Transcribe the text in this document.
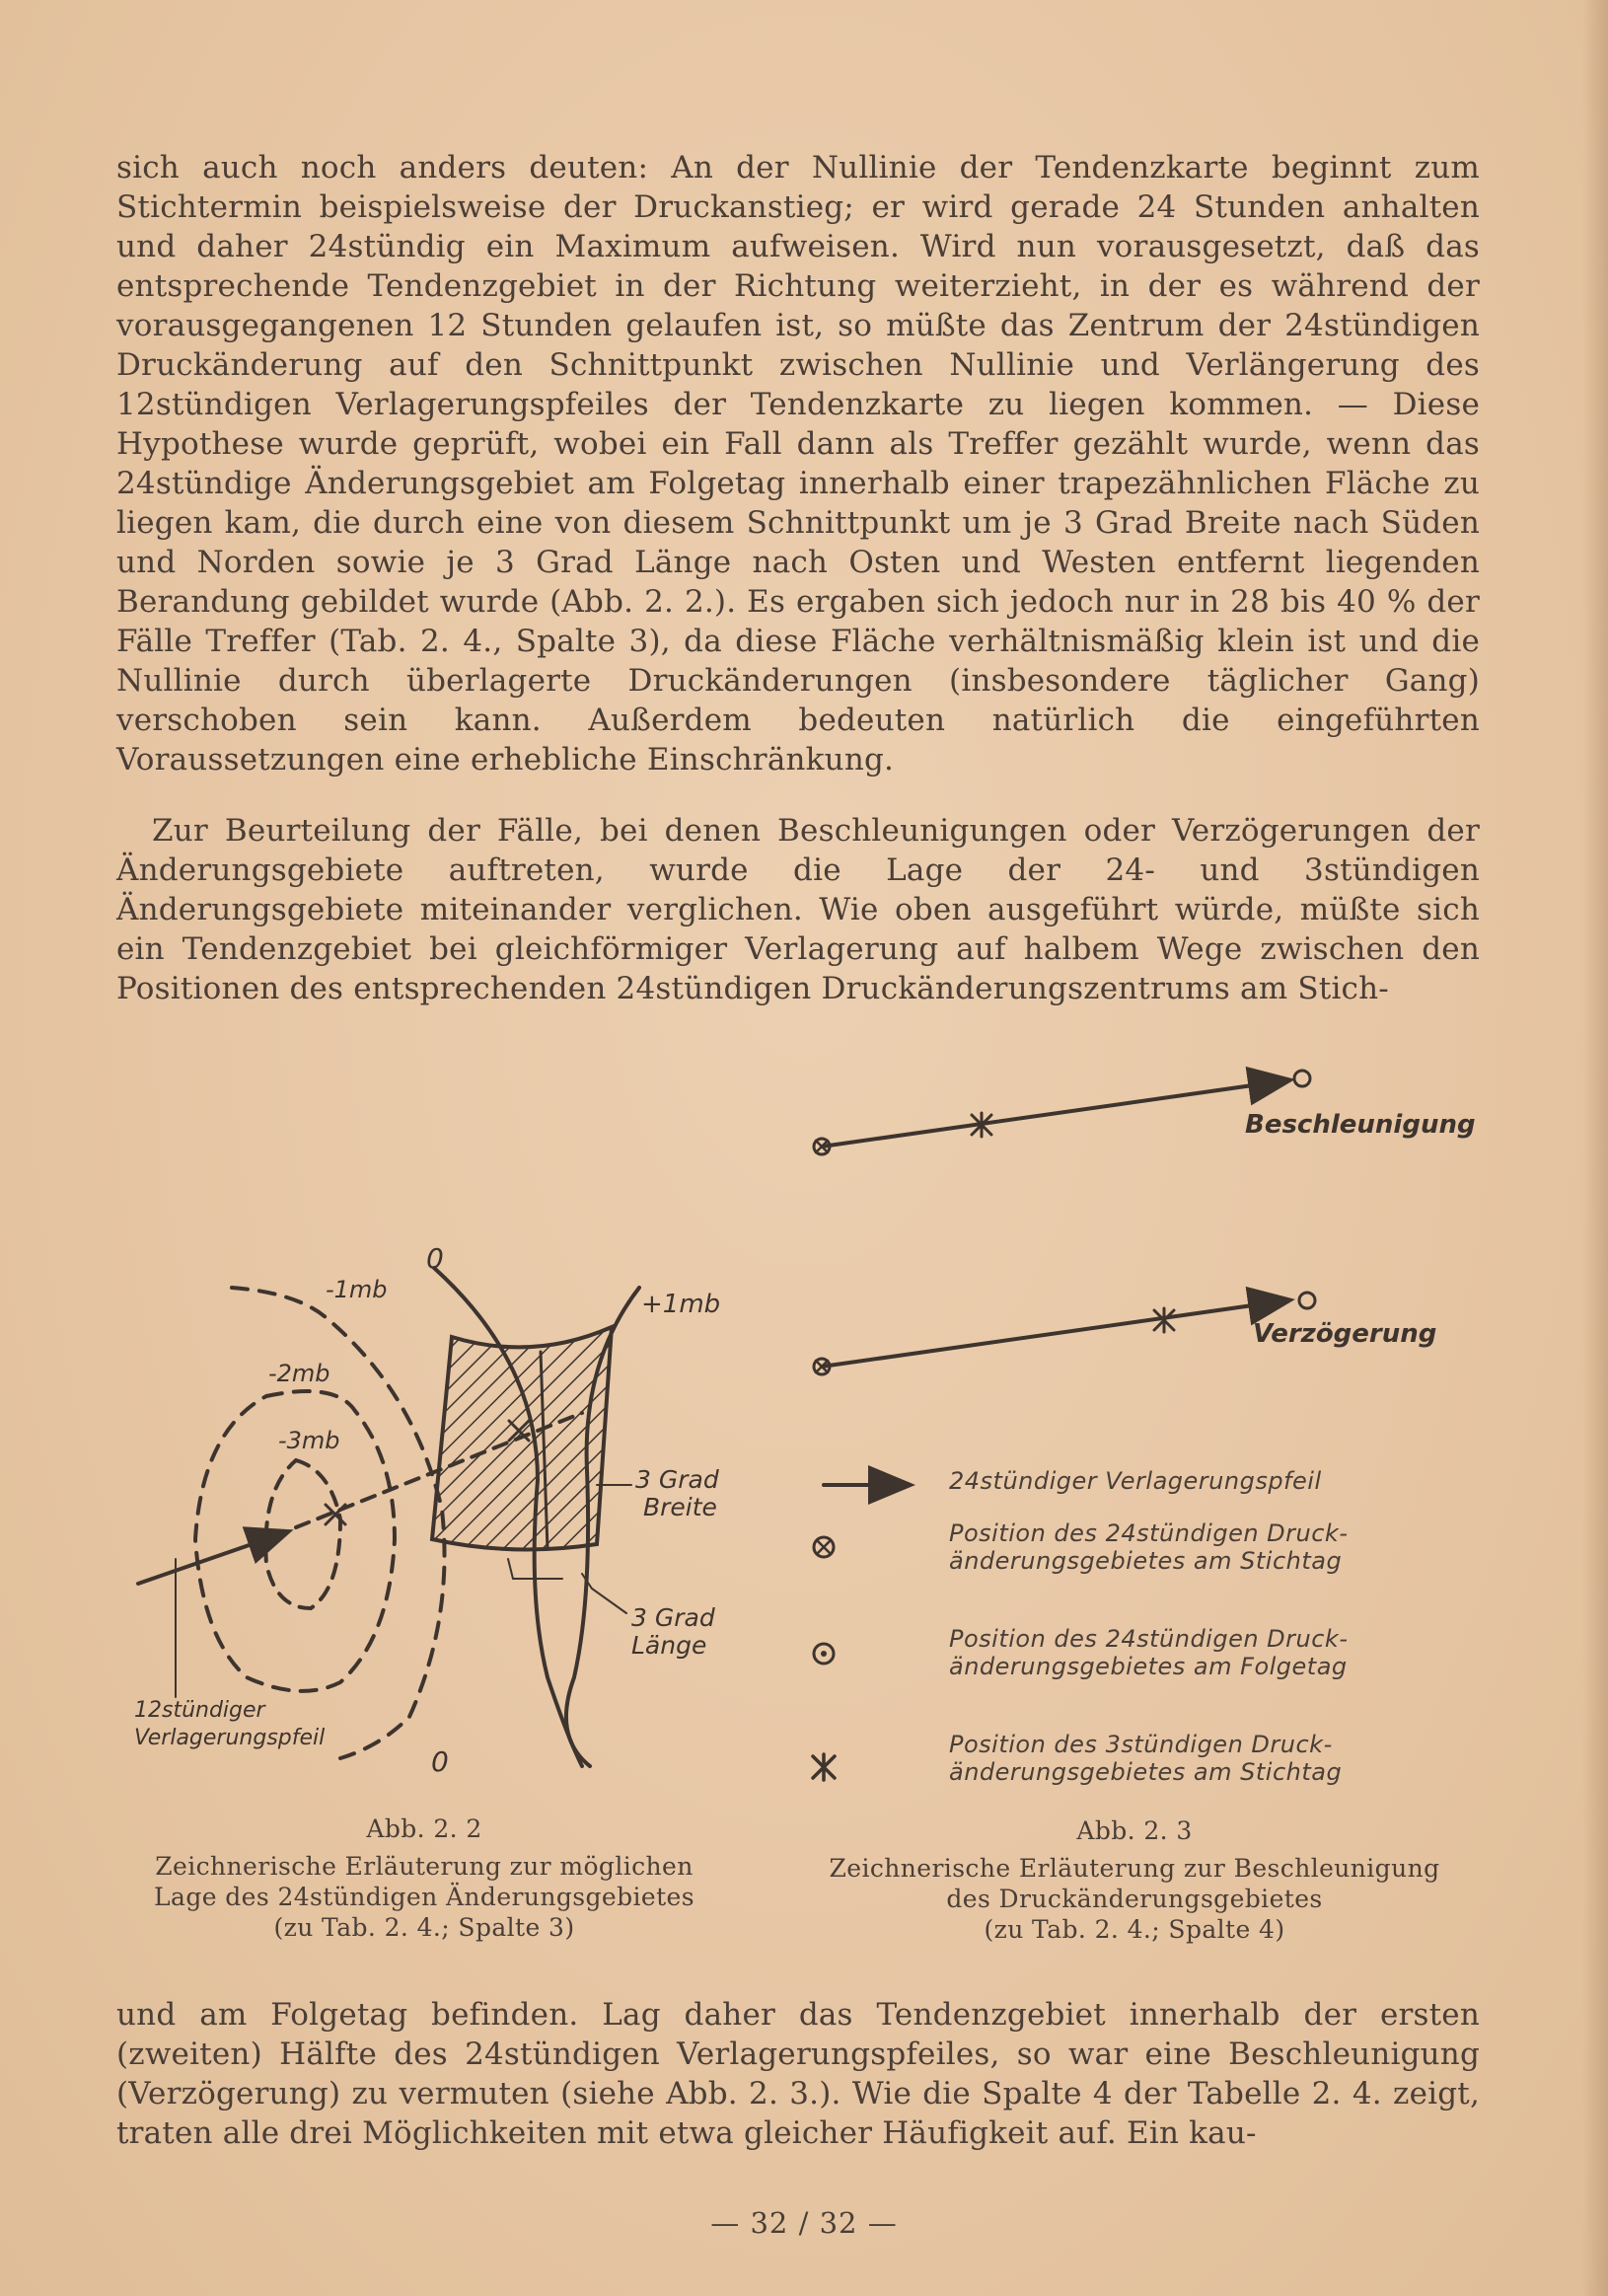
sich auch noch anders deuten: An der Nullinie der Tendenzkarte beginnt zum Stichtermin beispielsweise der Druckanstieg; er wird gerade 24 Stunden anhalten und daher 24stündig ein Maximum aufweisen. Wird nun vorausgesetzt, daß das entsprechende Tendenzgebiet in der Richtung weiterzieht, in der es während der vorausgegangenen 12 Stunden gelaufen ist, so müßte das Zentrum der 24stündigen Druckänderung auf den Schnittpunkt zwischen Nullinie und Verlängerung des 12stündigen Verlagerungspfeiles der Tendenzkarte zu liegen kommen. — Diese Hypothese wurde geprüft, wobei ein Fall dann als Treffer gezählt wurde, wenn das 24stündige Änderungsgebiet am Folgetag innerhalb einer trapezähnlichen Fläche zu liegen kam, die durch eine von diesem Schnittpunkt um je 3 Grad Breite nach Süden und Norden sowie je 3 Grad Länge nach Osten und Westen entfernt liegenden Berandung gebildet wurde (Abb. 2. 2.). Es ergaben sich jedoch nur in 28 bis 40 % der Fälle Treffer (Tab. 2. 4., Spalte 3), da diese Fläche verhältnismäßig klein ist und die Nullinie durch überlagerte Druckänderungen (insbesondere täglicher Gang) verschoben sein kann. Außerdem bedeuten natürlich die eingeführten Voraussetzungen eine erhebliche Einschränkung.

Zur Beurteilung der Fälle, bei denen Beschleunigungen oder Verzögerungen der Änderungsgebiete auftreten, wurde die Lage der 24- und 3stündigen Änderungsgebiete miteinander verglichen. Wie oben ausgeführt würde, müßte sich ein Tendenzgebiet bei gleichförmiger Verlagerung auf halbem Wege zwischen den Positionen des entsprechenden 24stündigen Druckänderungszentrums am Stich-

-1mb
-2mb
-3mb
+1mb
0
0
3 Grad
Breite
3 Grad
Länge
12stündiger
Verlagerungspfeil
Beschleunigung
Verzögerung
24stündiger Verlagerungspfeil
Position des 24stündigen Druck-
änderungsgebietes am Stichtag
Position des 24stündigen Druck-
änderungsgebietes am Folgetag
Position des 3stündigen Druck-
änderungsgebietes am Stichtag
Abb. 2. 2
Zeichnerische Erläuterung zur möglichen
Lage des 24stündigen Änderungsgebietes
(zu Tab. 2. 4.; Spalte 3)
Abb. 2. 3
Zeichnerische Erläuterung zur Beschleunigung
des Druckänderungsgebietes
(zu Tab. 2. 4.; Spalte 4)

und am Folgetag befinden. Lag daher das Tendenzgebiet innerhalb der ersten (zweiten) Hälfte des 24stündigen Verlagerungspfeiles, so war eine Beschleunigung (Verzögerung) zu vermuten (siehe Abb. 2. 3.). Wie die Spalte 4 der Tabelle 2. 4. zeigt, traten alle drei Möglichkeiten mit etwa gleicher Häufigkeit auf. Ein kau-

— 32 / 32 —
